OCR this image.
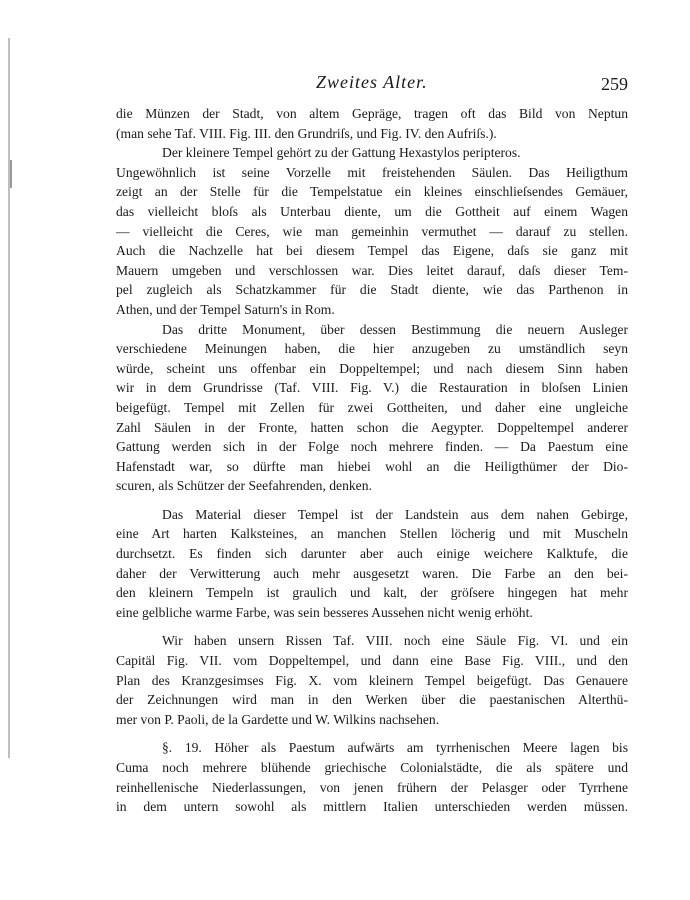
Zweites Alter.	259

die Münzen der Stadt, von altem Gepräge, tragen oft das Bild von Neptun
(man sehe Taf. VIII. Fig. III. den Grundriſs, und Fig. IV. den Aufriſs.).

Der kleinere Tempel gehört zu der Gattung Hexastylos peripteros.
Ungewöhnlich ist seine Vorzelle mit freistehenden Säulen. Das Heiligthum
zeigt an der Stelle für die Tempelstatue ein kleines einschlieſsendes Gemäuer,
das vielleicht bloſs als Unterbau diente, um die Gottheit auf einem Wagen
— vielleicht die Ceres, wie man gemeinhin vermuthet — darauf zu stellen.
Auch die Nachzelle hat bei diesem Tempel das Eigene, daſs sie ganz mit
Mauern umgeben und verschlossen war. Dies leitet darauf, daſs dieser Tem-
pel zugleich als Schatzkammer für die Stadt diente, wie das Parthenon in
Athen, und der Tempel Saturn's in Rom.

Das dritte Monument, über dessen Bestimmung die neuern Ausleger
verschiedene Meinungen haben, die hier anzugeben zu umständlich seyn
würde, scheint uns offenbar ein Doppeltempel; und nach diesem Sinn haben
wir in dem Grundrisse (Taf. VIII. Fig. V.) die Restauration in bloſsen Linien
beigefügt. Tempel mit Zellen für zwei Gottheiten, und daher eine ungleiche
Zahl Säulen in der Fronte, hatten schon die Aegypter. Doppeltempel anderer
Gattung werden sich in der Folge noch mehrere finden. — Da Paestum eine
Hafenstadt war, so dürfte man hiebei wohl an die Heiligthümer der Dio-
scuren, als Schützer der Seefahrenden, denken.

Das Material dieser Tempel ist der Landstein aus dem nahen Gebirge,
eine Art harten Kalksteines, an manchen Stellen löcherig und mit Muscheln
durchsetzt. Es finden sich darunter aber auch einige weichere Kalktufe, die
daher der Verwitterung auch mehr ausgesetzt waren. Die Farbe an den bei-
den kleinern Tempeln ist graulich und kalt, der gröſsere hingegen hat mehr
eine gelbliche warme Farbe, was sein besseres Aussehen nicht wenig erhöht.

Wir haben unsern Rissen Taf. VIII. noch eine Säule Fig. VI. und ein
Capitäl Fig. VII. vom Doppeltempel, und dann eine Base Fig. VIII., und den
Plan des Kranzgesimses Fig. X. vom kleinern Tempel beigefügt. Das Genauere
der Zeichnungen wird man in den Werken über die paestanischen Alterthü-
mer von P. Paoli, de la Gardette und W. Wilkins nachsehen.

§. 19. Höher als Paestum aufwärts am tyrrhenischen Meere lagen bis
Cuma noch mehrere blühende griechische Colonialstädte, die als spätere und
reinhellenische Niederlassungen, von jenen frühern der Pelasger oder Tyrrhene
in dem untern sowohl als mittlern Italien unterschieden werden müssen.
